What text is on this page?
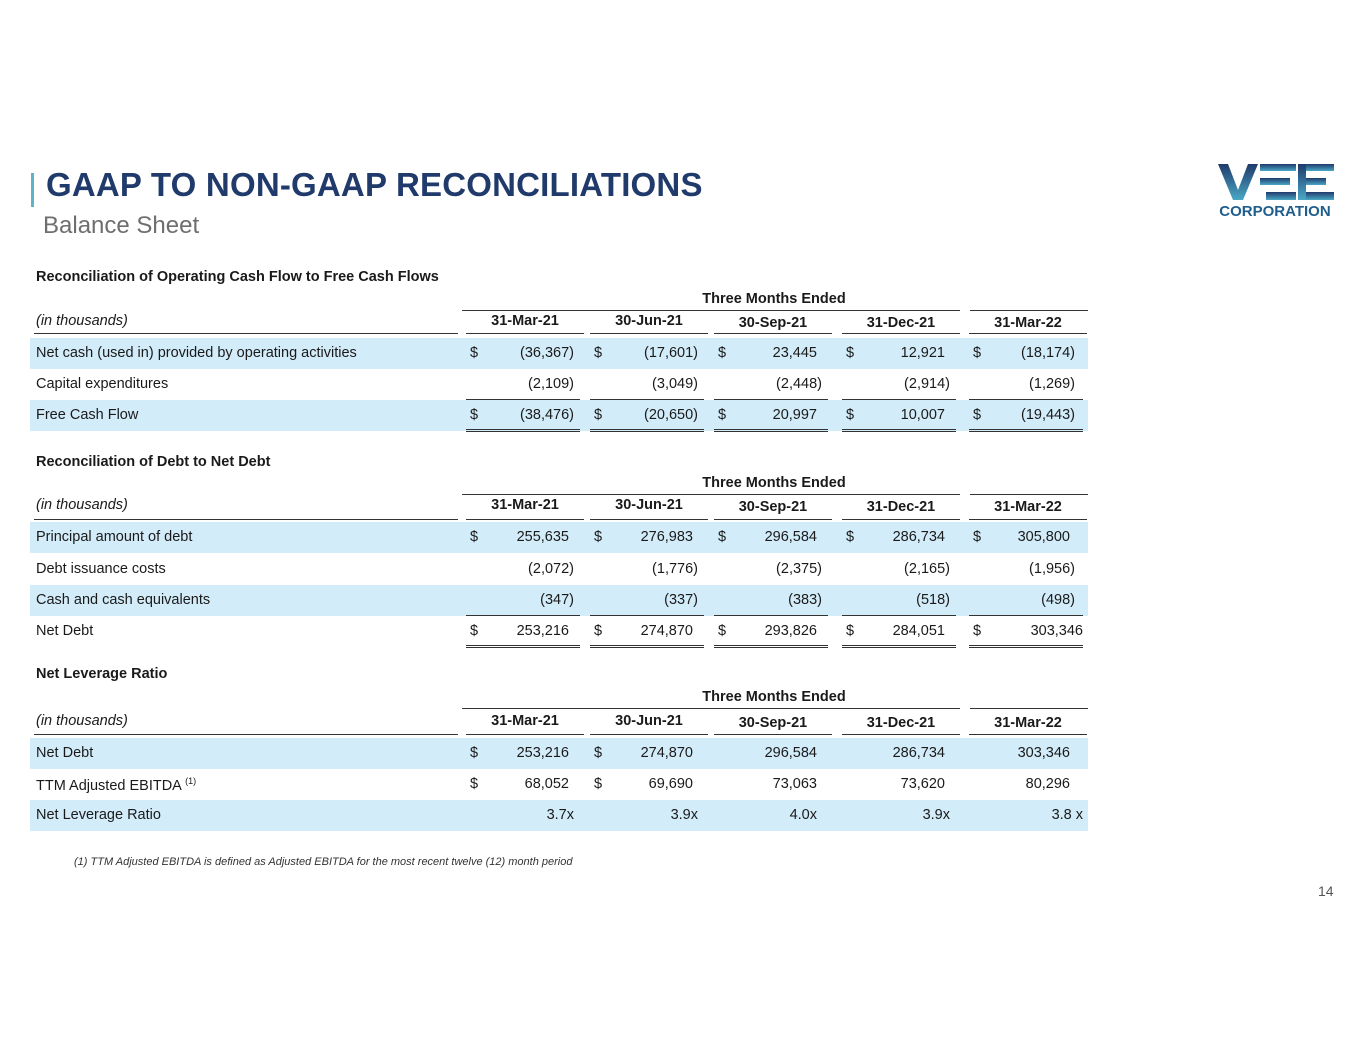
GAAP TO NON-GAAP RECONCILIATIONS
Balance Sheet
CORPORATION
Reconciliation of Operating Cash Flow to Free Cash Flows
Three Months Ended
(in thousands)	31-Mar-21	30-Jun-21	30-Sep-21	31-Dec-21	31-Mar-22
Net cash (used in) provided by operating activities	$	(36,367) $	(17,601) $	23,445 $	12,921 $	(18,174)
Capital expenditures	(2,109)	(3,049)	(2,448)	(2,914)	(1,269)
Free Cash Flow	$	(38,476) $	(20,650) $	20,997 $	10,007 $	(19,443)
Reconciliation of Debt to Net Debt
Three Months Ended
(in thousands)	31-Mar-21	30-Jun-21	30-Sep-21	31-Dec-21	31-Mar-22
Principal amount of debt	$	255,635 $	276,983 $	296,584 $	286,734 $	305,800
Debt issuance costs	(2,072)	(1,776)	(2,375)	(2,165)	(1,956)
Cash and cash equivalents	(347)	(337)	(383)	(518)	(498)
Net Debt	$	253,216 $	274,870 $	293,826 $	284,051 $	303,346
Net Leverage Ratio
Three Months Ended
(in thousands)	31-Mar-21	30-Jun-21	30-Sep-21	31-Dec-21	31-Mar-22
Net Debt	$	253,216 $	274,870	296,584	286,734	303,346
TTM Adjusted EBITDA $^{(1)}$	$	68,052 $	69,690	73,063	73,620	80,296
Net Leverage Ratio	3.7x	3.9x	4.0x	3.9x	3.8 x
(1) TTM Adjusted EBITDA is defined as Adjusted EBITDA for the most recent twelve (12) month period
14
